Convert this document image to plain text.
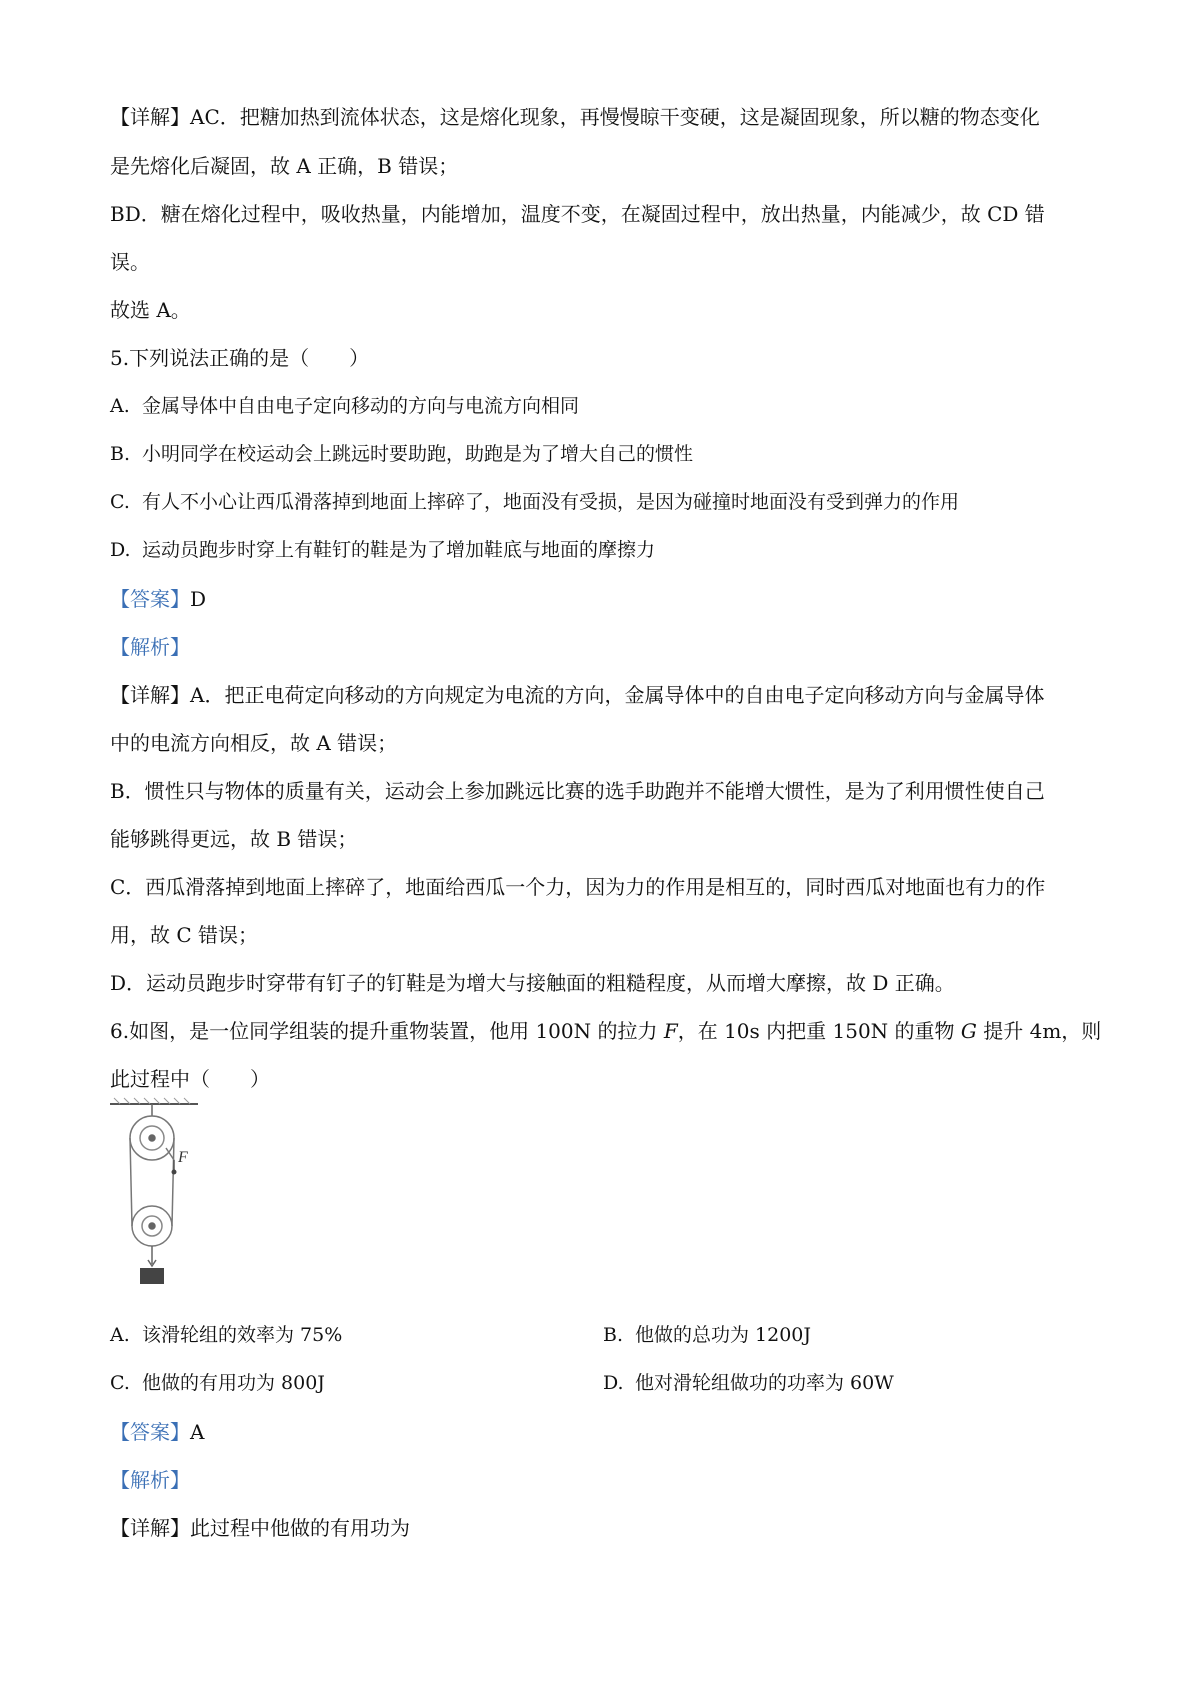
【详解】AC．把糖加热到流体状态，这是熔化现象，再慢慢晾干变硬，这是凝固现象，所以糖的物态变化
是先熔化后凝固，故 A 正确，B 错误；
BD．糖在熔化过程中，吸收热量，内能增加，温度不变，在凝固过程中，放出热量，内能减少，故 CD 错
误。
故选 A。
5.下列说法正确的是（　　）
A. 金属导体中自由电子定向移动的方向与电流方向相同
B. 小明同学在校运动会上跳远时要助跑，助跑是为了增大自己的惯性
C. 有人不小心让西瓜滑落掉到地面上摔碎了，地面没有受损，是因为碰撞时地面没有受到弹力的作用
D. 运动员跑步时穿上有鞋钉的鞋是为了增加鞋底与地面的摩擦力
【答案】D
【解析】
【详解】A．把正电荷定向移动的方向规定为电流的方向，金属导体中的自由电子定向移动方向与金属导体
中的电流方向相反，故 A 错误；
B．惯性只与物体的质量有关，运动会上参加跳远比赛的选手助跑并不能增大惯性，是为了利用惯性使自己
能够跳得更远，故 B 错误；
C．西瓜滑落掉到地面上摔碎了，地面给西瓜一个力，因为力的作用是相互的，同时西瓜对地面也有力的作
用，故 C 错误；
D．运动员跑步时穿带有钉子的钉鞋是为增大与接触面的粗糙程度，从而增大摩擦，故 D 正确。
6.如图，是一位同学组装的提升重物装置，他用 100N 的拉力 F，在 10s 内把重 150N 的重物 G 提升 4m，则
此过程中（　　）
F
A. 该滑轮组的效率为 75%	B. 他做的总功为 1200J
C. 他做的有用功为 800J	D. 他对滑轮组做功的功率为 60W
【答案】A
【解析】
【详解】此过程中他做的有用功为
